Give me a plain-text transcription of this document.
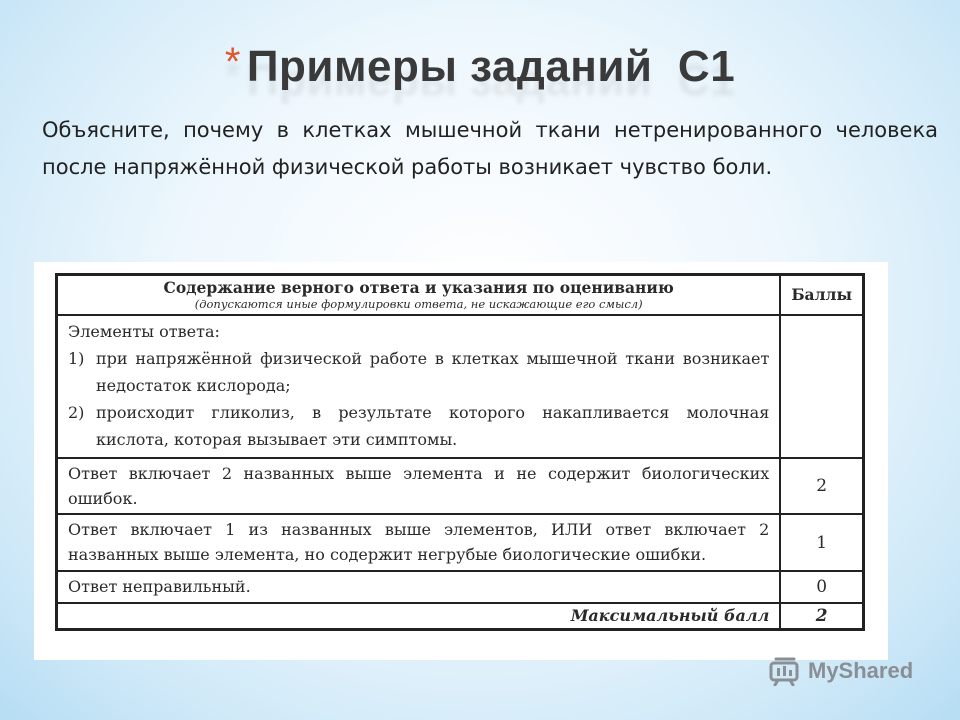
* Примеры заданий  С1
Объясните, почему в клетках мышечной ткани нетренированного человека после напряжённой физической работы возникает чувство боли.
Содержание верного ответа и указания по оцениванию
(допускаются иные формулировки ответа, не искажающие его смысл)	Баллы

Элементы ответа:
1) при напряжённой физической работе в клетках мышечной ткани возникает недостаток кислорода;
2) происходит гликолиз, в результате которого накапливается молочная кислота, которая вызывает эти симптомы.	

Ответ включает 2 названных выше элемента и не содержит биологических ошибок.	2
Ответ включает 1 из названных выше элементов, ИЛИ ответ включает 2 названных выше элемента, но содержит негрубые биологические ошибки.	1
Ответ неправильный.	0
Максимальный балл	2
MyShared
